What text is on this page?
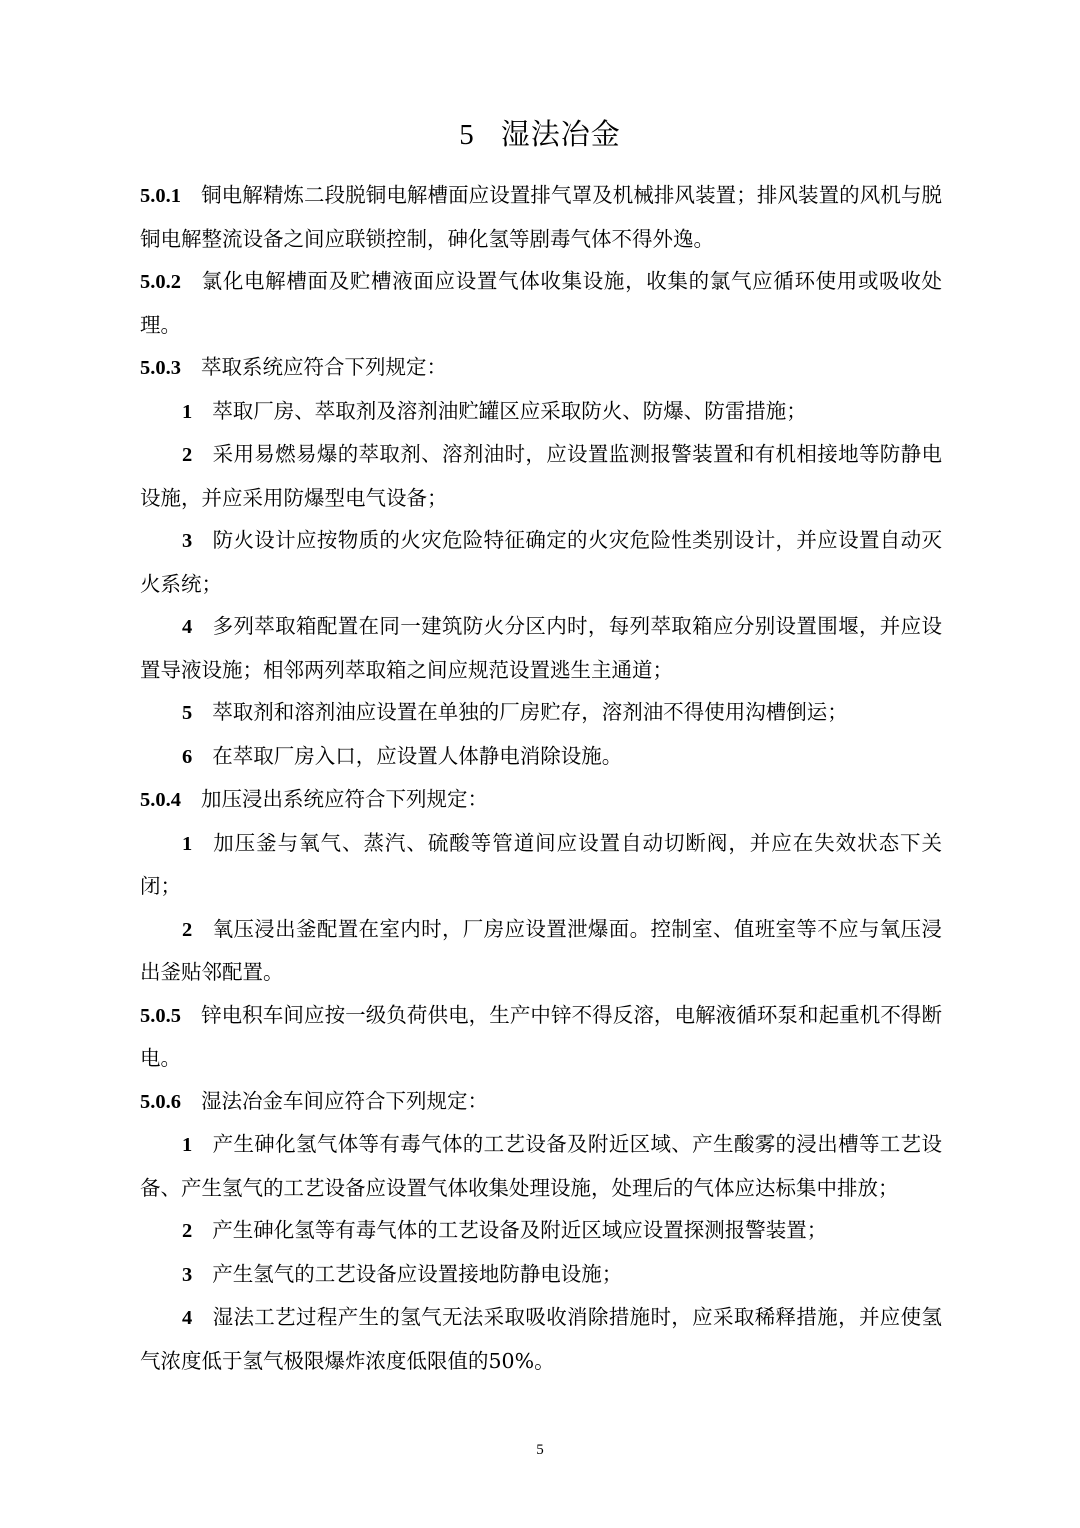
5 湿法冶金

5.0.1 铜电解精炼二段脱铜电解槽面应设置排气罩及机械排风装置；排风装置的风机与脱铜电解整流设备之间应联锁控制，砷化氢等剧毒气体不得外逸。

5.0.2 氯化电解槽面及贮槽液面应设置气体收集设施，收集的氯气应循环使用或吸收处理。

5.0.3 萃取系统应符合下列规定：

1 萃取厂房、萃取剂及溶剂油贮罐区应采取防火、防爆、防雷措施；

2 采用易燃易爆的萃取剂、溶剂油时，应设置监测报警装置和有机相接地等防静电设施，并应采用防爆型电气设备；

3 防火设计应按物质的火灾危险特征确定的火灾危险性类别设计，并应设置自动灭火系统；

4 多列萃取箱配置在同一建筑防火分区内时，每列萃取箱应分别设置围堰，并应设置导液设施；相邻两列萃取箱之间应规范设置逃生主通道；

5 萃取剂和溶剂油应设置在单独的厂房贮存，溶剂油不得使用沟槽倒运；

6 在萃取厂房入口，应设置人体静电消除设施。

5.0.4 加压浸出系统应符合下列规定：

1 加压釜与氧气、蒸汽、硫酸等管道间应设置自动切断阀，并应在失效状态下关闭；

2 氧压浸出釜配置在室内时，厂房应设置泄爆面。控制室、值班室等不应与氧压浸出釜贴邻配置。

5.0.5 锌电积车间应按一级负荷供电，生产中锌不得反溶，电解液循环泵和起重机不得断电。

5.0.6 湿法冶金车间应符合下列规定：

1 产生砷化氢气体等有毒气体的工艺设备及附近区域、产生酸雾的浸出槽等工艺设备、产生氢气的工艺设备应设置气体收集处理设施，处理后的气体应达标集中排放；

2 产生砷化氢等有毒气体的工艺设备及附近区域应设置探测报警装置；

3 产生氢气的工艺设备应设置接地防静电设施；

4 湿法工艺过程产生的氢气无法采取吸收消除措施时，应采取稀释措施，并应使氢气浓度低于氢气极限爆炸浓度低限值的50%。

5
